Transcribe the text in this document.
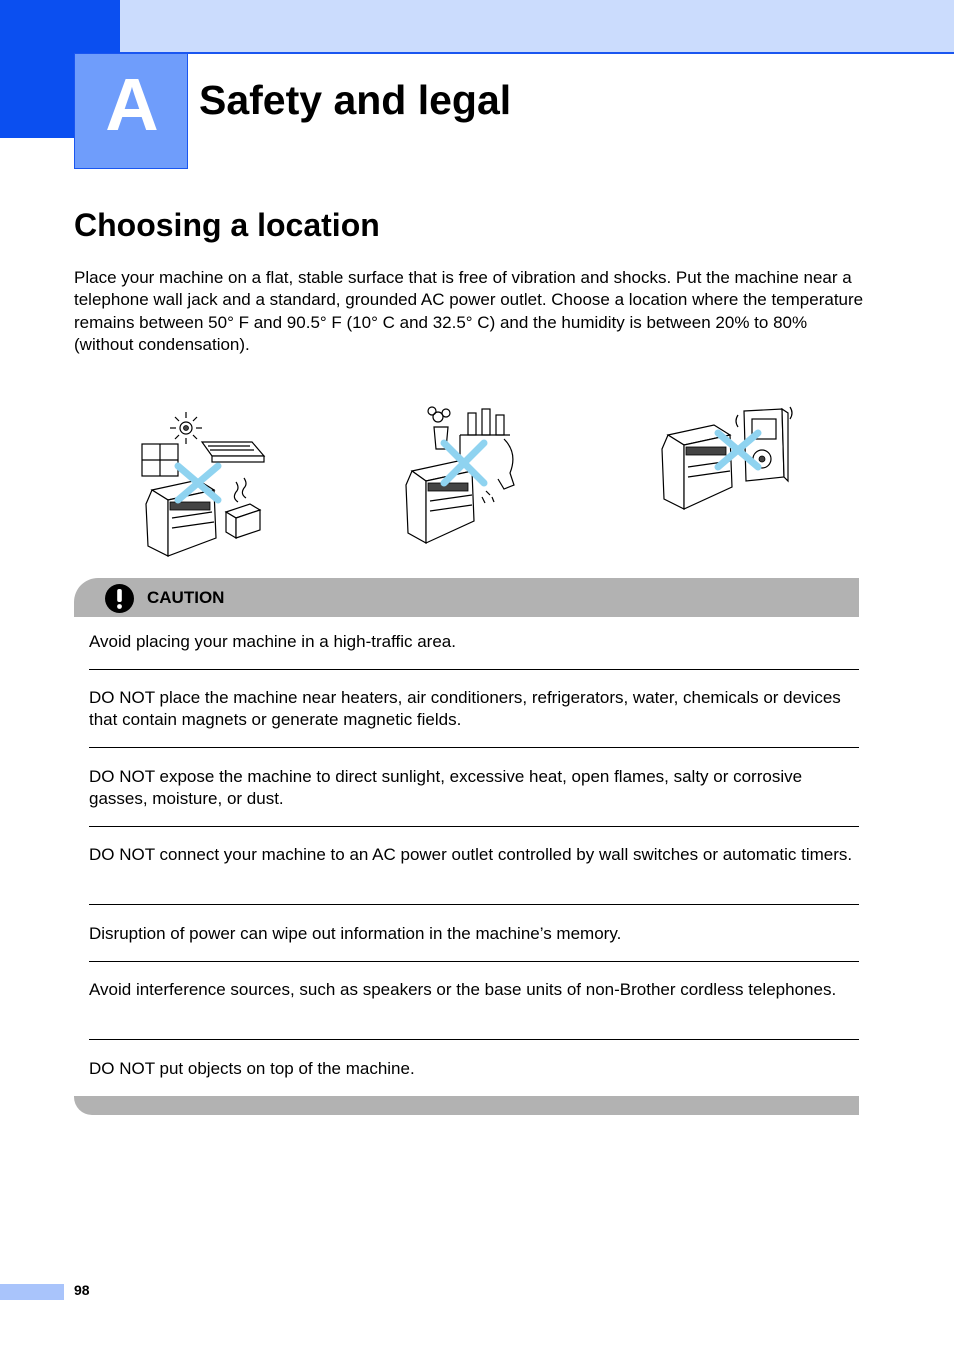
A Safety and legal
Choosing a location

Place your machine on a flat, stable surface that is free of vibration and shocks. Put the machine near a telephone wall jack and a standard, grounded AC power outlet. Choose a location where the temperature remains between 50° F and 90.5° F (10° C and 32.5° C) and the humidity is between 20% to 80% (without condensation).

CAUTION

Avoid placing your machine in a high-traffic area.

DO NOT place the machine near heaters, air conditioners, refrigerators, water, chemicals or devices that contain magnets or generate magnetic fields.

DO NOT expose the machine to direct sunlight, excessive heat, open flames, salty or corrosive gasses, moisture, or dust.

DO NOT connect your machine to an AC power outlet controlled by wall switches or automatic timers.

Disruption of power can wipe out information in the machine’s memory.

Avoid interference sources, such as speakers or the base units of non-Brother cordless telephones.

DO NOT put objects on top of the machine.

98
